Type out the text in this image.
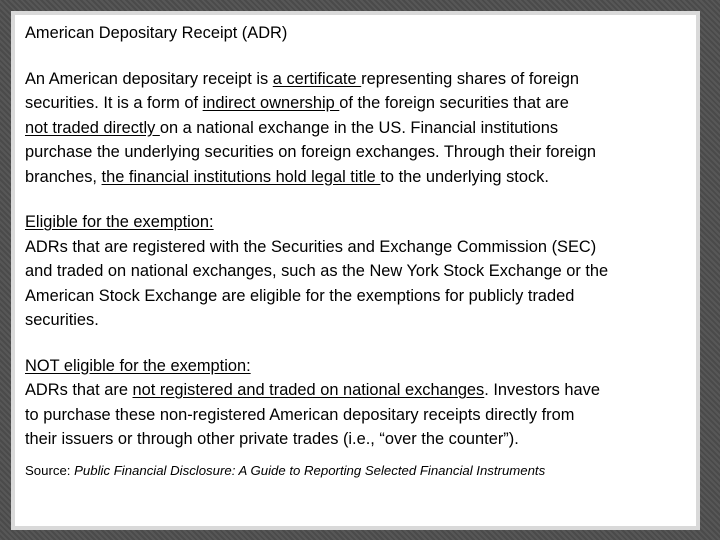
American Depositary Receipt (ADR)
An American depositary receipt is a certificate representing shares of foreign
securities. It is a form of indirect ownership of the foreign securities that are
not traded directly on a national exchange in the US. Financial institutions
purchase the underlying securities on foreign exchanges. Through their foreign
branches, the financial institutions hold legal title to the underlying stock.
Eligible for the exemption:
ADRs that are registered with the Securities and Exchange Commission (SEC)
and traded on national exchanges, such as the New York Stock Exchange or the
American Stock Exchange are eligible for the exemptions for publicly traded
securities.
NOT eligible for the exemption:
ADRs that are not registered and traded on national exchanges. Investors have
to purchase these non-registered American depositary receipts directly from
their issuers or through other private trades (i.e., “over the counter”).
Source: Public Financial Disclosure: A Guide to Reporting Selected Financial Instruments
